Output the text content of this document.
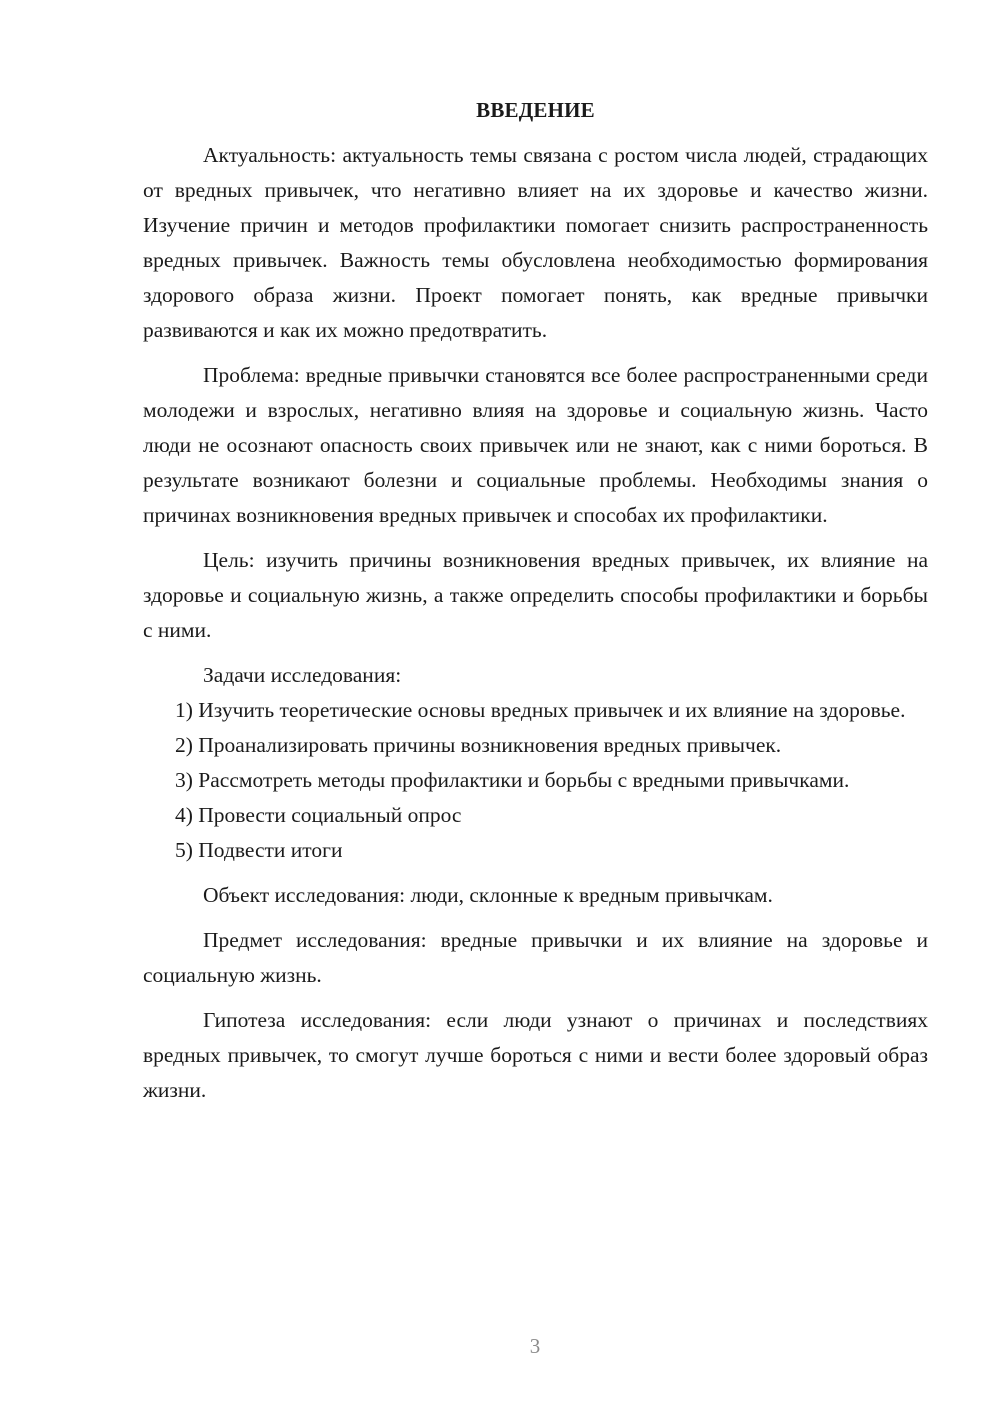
ВВЕДЕНИЕ

Актуальность: актуальность темы связана с ростом числа людей, страдающих от вредных привычек, что негативно влияет на их здоровье и качество жизни. Изучение причин и методов профилактики помогает снизить распространенность вредных привычек. Важность темы обусловлена необходимостью формирования здорового образа жизни. Проект помогает понять, как вредные привычки развиваются и как их можно предотвратить.

Проблема: вредные привычки становятся все более распространенными среди молодежи и взрослых, негативно влияя на здоровье и социальную жизнь. Часто люди не осознают опасность своих привычек или не знают, как с ними бороться. В результате возникают болезни и социальные проблемы. Необходимы знания о причинах возникновения вредных привычек и способах их профилактики.

Цель: изучить причины возникновения вредных привычек, их влияние на здоровье и социальную жизнь, а также определить способы профилактики и борьбы с ними.

Задачи исследования:

1) Изучить теоретические основы вредных привычек и их влияние на здоровье.

2) Проанализировать причины возникновения вредных привычек.

3) Рассмотреть методы профилактики и борьбы с вредными привычками.

4) Провести социальный опрос

5) Подвести итоги

Объект исследования: люди, склонные к вредным привычкам.

Предмет исследования: вредные привычки и их влияние на здоровье и социальную жизнь.

Гипотеза исследования: если люди узнают о причинах и последствиях вредных привычек, то смогут лучше бороться с ними и вести более здоровый образ жизни.

3
